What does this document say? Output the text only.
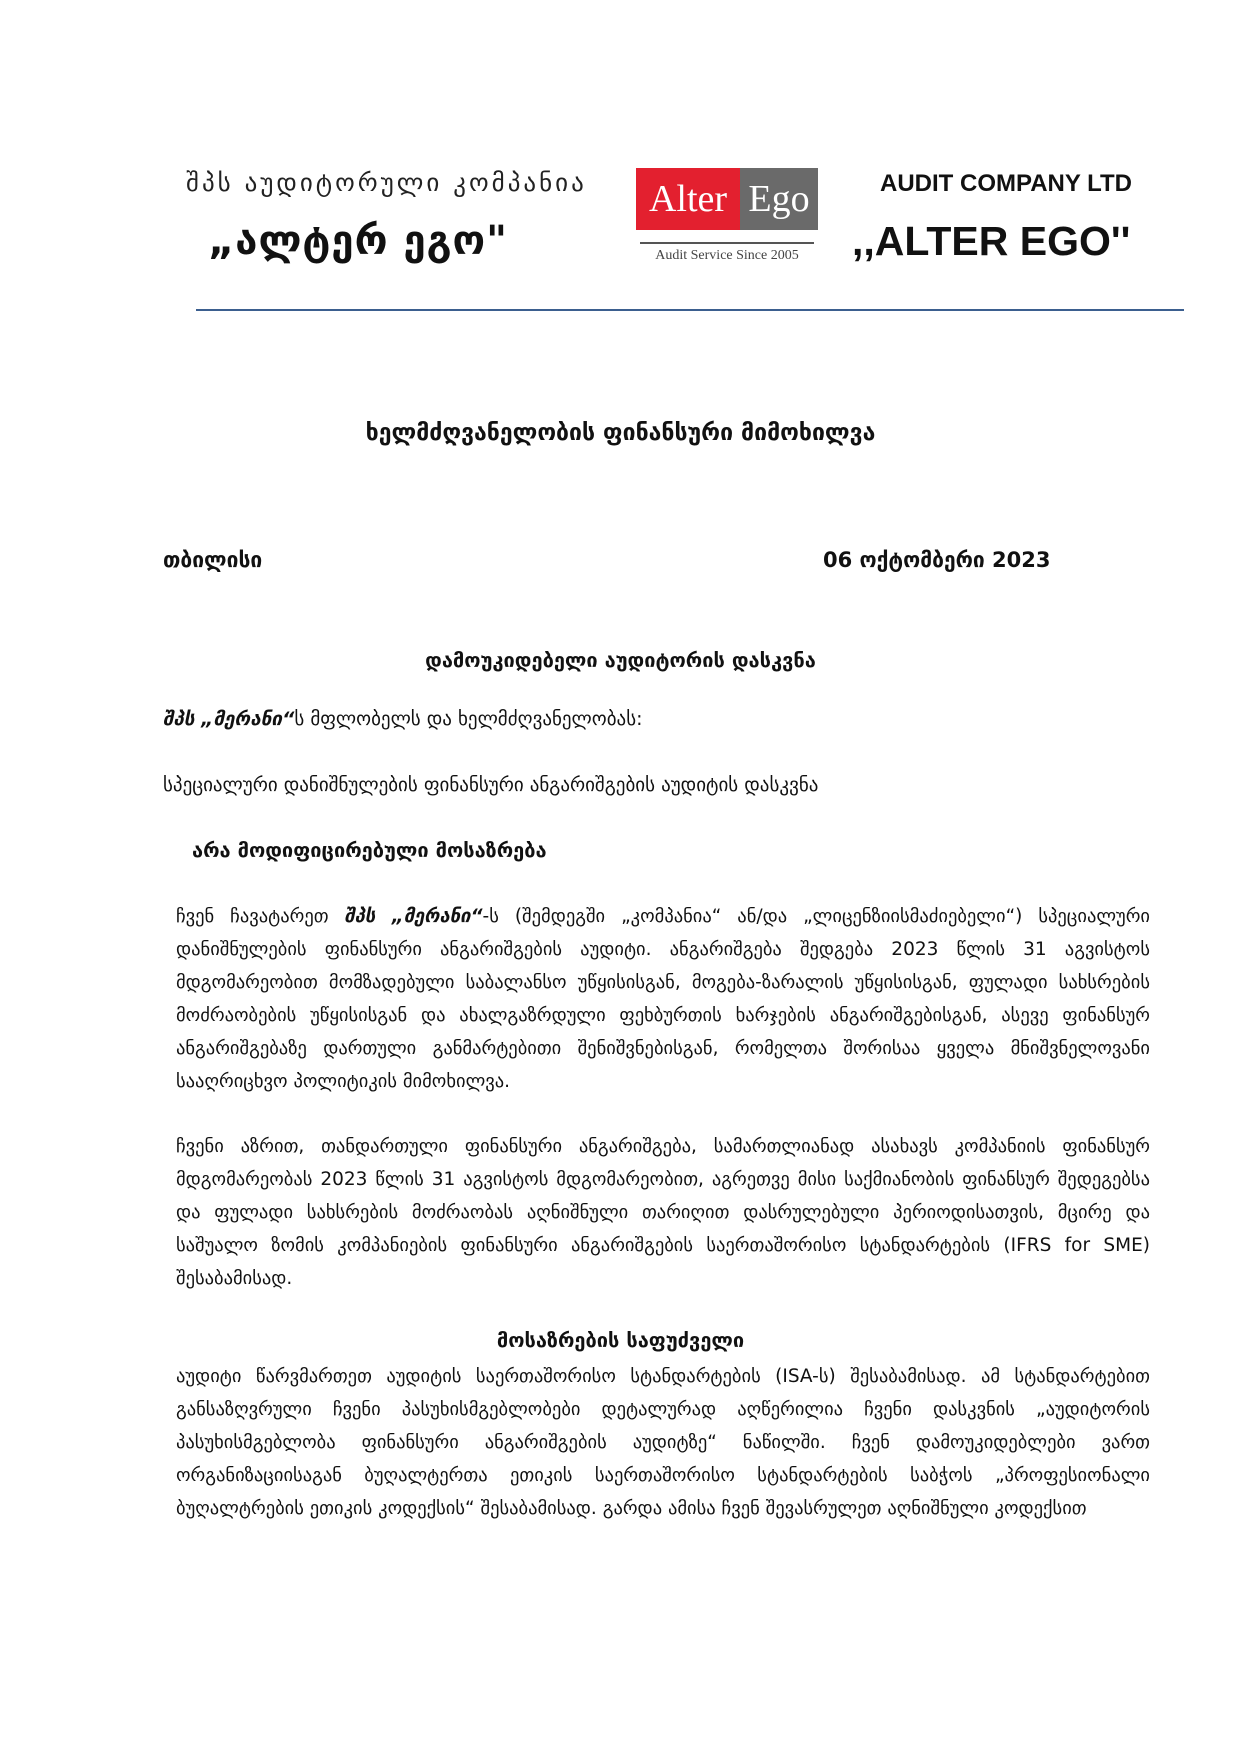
შპს აუდიტორული კომპანია
„ალტერ ეგო"
Alter Ego
Audit Service Since 2005
AUDIT COMPANY LTD
,,ALTER EGO''
ხელმძღვანელობის ფინანსური მიმოხილვა
თბილისი	06 ოქტომბერი 2023
დამოუკიდებელი აუდიტორის დასკვნა
შპს „მერანი“ს მფლობელს და ხელმძღვანელობას:
სპეციალური დანიშნულების ფინანსური ანგარიშგების აუდიტის დასკვნა
არა მოდიფიცირებული მოსაზრება
ჩვენ ჩავატარეთ შპს „მერანი“-ს (შემდეგში „კომპანია“ ან/და „ლიცენზიისმაძიებელი“) სპეციალური დანიშნულების ფინანსური ანგარიშგების აუდიტი. ანგარიშგება შედგება 2023 წლის 31 აგვისტოს მდგომარეობით მომზადებული საბალანსო უწყისისგან, მოგება-ზარალის უწყისისგან, ფულადი სახსრების მოძრაობების უწყისისგან და ახალგაზრდული ფეხბურთის ხარჯების ანგარიშგებისგან, ასევე ფინანსურ ანგარიშგებაზე დართული განმარტებითი შენიშვნებისგან, რომელთა შორისაა ყველა მნიშვნელოვანი სააღრიცხვო პოლიტიკის მიმოხილვა.
ჩვენი აზრით, თანდართული ფინანსური ანგარიშგება, სამართლიანად ასახავს კომპანიის ფინანსურ მდგომარეობას 2023 წლის 31 აგვისტოს მდგომარეობით, აგრეთვე მისი საქმიანობის ფინანსურ შედეგებსა და ფულადი სახსრების მოძრაობას აღნიშნული თარიღით დასრულებული პერიოდისათვის, მცირე და საშუალო ზომის კომპანიების ფინანსური ანგარიშგების საერთაშორისო სტანდარტების (IFRS for SME) შესაბამისად.
მოსაზრების საფუძველი
აუდიტი წარვმართეთ აუდიტის საერთაშორისო სტანდარტების (ISA-ს) შესაბამისად. ამ სტანდარტებით განსაზღვრული ჩვენი პასუხისმგებლობები დეტალურად აღწერილია ჩვენი დასკვნის „აუდიტორის პასუხისმგებლობა ფინანსური ანგარიშგების აუდიტზე“ ნაწილში. ჩვენ დამოუკიდებლები ვართ ორგანიზაციისაგან ბუღალტერთა ეთიკის საერთაშორისო სტანდარტების საბჭოს „პროფესიონალი ბუღალტრების ეთიკის კოდექსის“ შესაბამისად. გარდა ამისა ჩვენ შევასრულეთ აღნიშნული კოდექსით
